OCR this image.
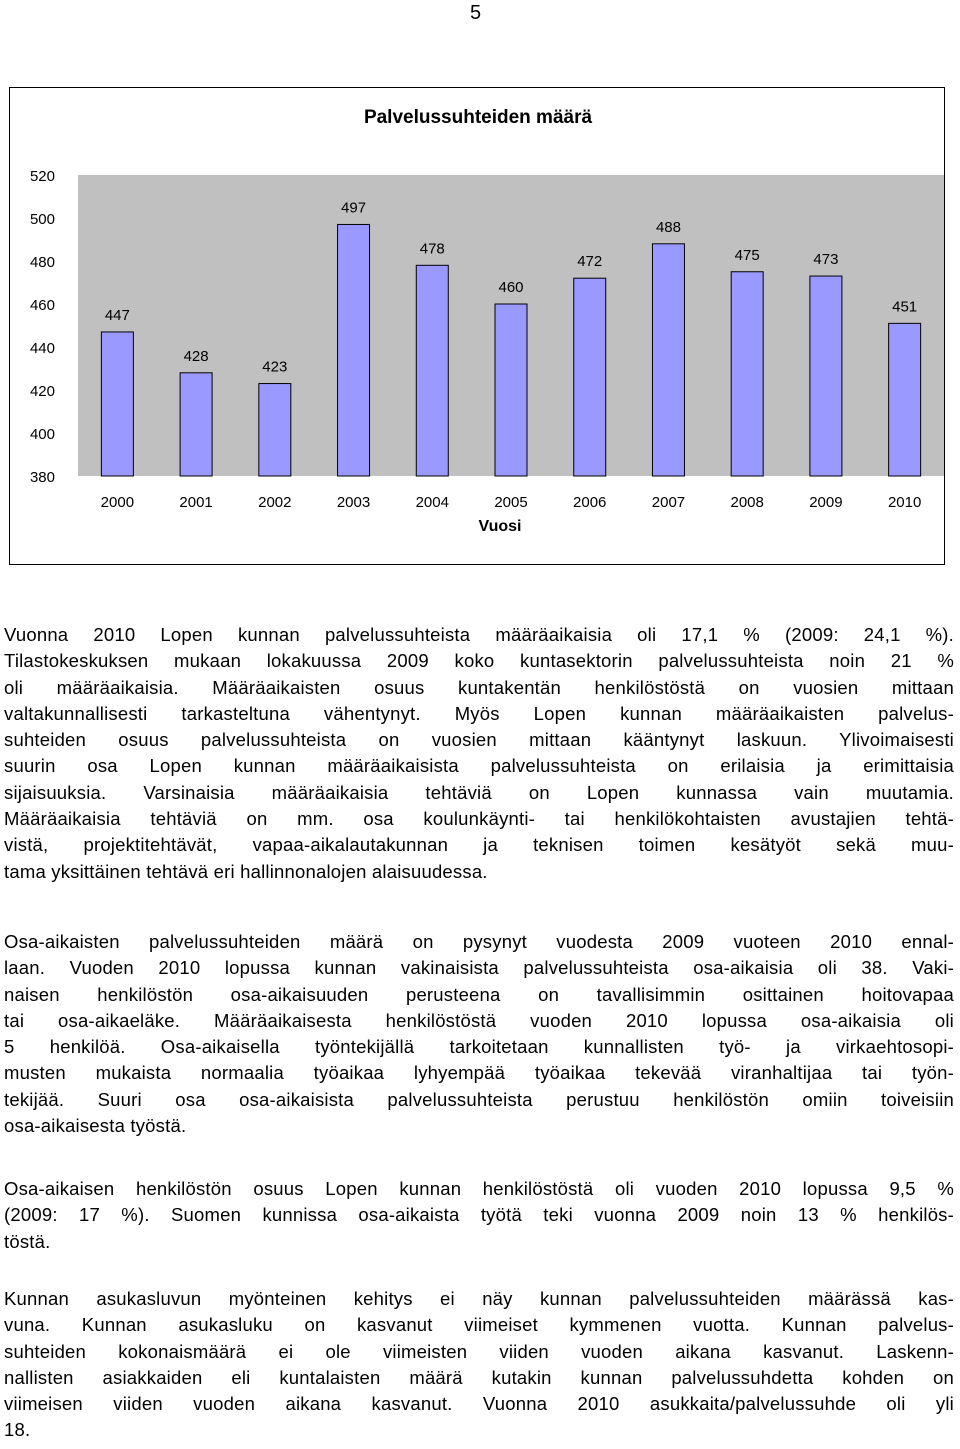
5
Palvelussuhteiden määrä
520
500
480
460
440
420
400
380
447
428
423
497
478
460
472
488
475	473
451
2000	2001	2002	2003	2004	2005	2006	2007	2008	2009	2010
Vuosi
Vuonna 2010 Lopen kunnan palvelussuhteista määräaikaisia oli 17,1 % (2009: 24,1 %).
Tilastokeskuksen mukaan lokakuussa 2009 koko kuntasektorin palvelussuhteista noin 21 %
oli määräaikaisia. Määräaikaisten osuus kuntakentän henkilöstöstä on vuosien mittaan
valtakunnallisesti tarkasteltuna vähentynyt. Myös Lopen kunnan määräaikaisten palvelus-
suhteiden osuus palvelussuhteista on vuosien mittaan kääntynyt laskuun. Ylivoimaisesti
suurin osa Lopen kunnan määräaikaisista palvelussuhteista on erilaisia ja erimittaisia
sijaisuuksia. Varsinaisia määräaikaisia tehtäviä on Lopen kunnassa vain muutamia.
Määräaikaisia tehtäviä on mm. osa koulunkäynti- tai henkilökohtaisten avustajien tehtä-
vistä, projektitehtävät, vapaa-aikalautakunnan ja teknisen toimen kesätyöt sekä muu-
tama yksittäinen tehtävä eri hallinnonalojen alaisuudessa.
Osa-aikaisten palvelussuhteiden määrä on pysynyt vuodesta 2009 vuoteen 2010 ennal-
laan. Vuoden 2010 lopussa kunnan vakinaisista palvelussuhteista osa-aikaisia oli 38. Vaki-
naisen henkilöstön osa-aikaisuuden perusteena on tavallisimmin osittainen hoitovapaa
tai osa-aikaeläke. Määräaikaisesta henkilöstöstä vuoden 2010 lopussa osa-aikaisia oli
5 henkilöä. Osa-aikaisella työntekijällä tarkoitetaan kunnallisten työ- ja virkaehtosopi-
musten mukaista normaalia työaikaa lyhyempää työaikaa tekevää viranhaltijaa tai työn-
tekijää. Suuri osa osa-aikaisista palvelussuhteista perustuu henkilöstön omiin toiveisiin
osa-aikaisesta työstä.
Osa-aikaisen henkilöstön osuus Lopen kunnan henkilöstöstä oli vuoden 2010 lopussa 9,5 %
(2009: 17 %). Suomen kunnissa osa-aikaista työtä teki vuonna 2009 noin 13 % henkilös-
töstä.
Kunnan asukasluvun myönteinen kehitys ei näy kunnan palvelussuhteiden määrässä kas-
vuna. Kunnan asukasluku on kasvanut viimeiset kymmenen vuotta. Kunnan palvelus-
suhteiden kokonaismäärä ei ole viimeisten viiden vuoden aikana kasvanut. Laskenn-
nallisten asiakkaiden eli kuntalaisten määrä kutakin kunnan palvelussuhdetta kohden on
viimeisen viiden vuoden aikana kasvanut. Vuonna 2010 asukkaita/palvelussuhde oli yli
18.
